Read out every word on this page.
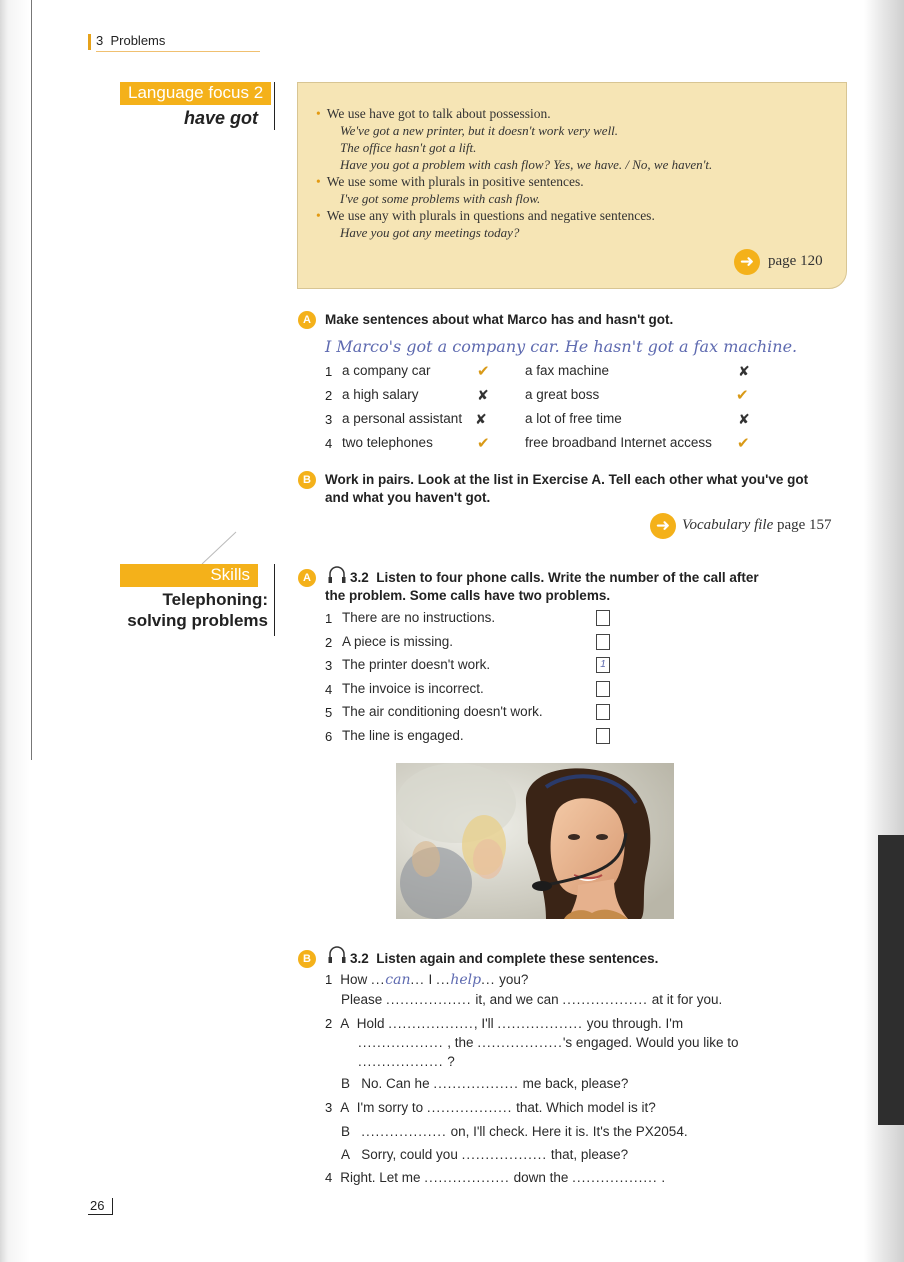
3 Problems
Language focus 2
have got	• We use have got to talk about possession.
We've got a new printer, but it doesn't work very well.
The office hasn't got a lift.
Have you got a problem with cash flow? Yes, we have. / No, we haven't.
• We use some with plurals in positive sentences.
I've got some problems with cash flow.
• We use any with plurals in questions and negative sentences.
Have you got any meetings today?
➜ page 120
A	Make sentences about what Marco has and hasn't got.
I Marco's got a company car. He hasn't got a fax machine.
1 a company car	✔	a fax machine	✘
2 a high salary	✘	a great boss	✔
3 a personal assistant ✘	a lot of free time	✘
4 two telephones	✔	free broadband Internet access ✔
B	Work in pairs. Look at the list in Exercise A. Tell each other what you've got
and what you haven't got.
➜ Vocabulary file page 157
Skills
Telephoning:
solving problems
A	3.2 Listen to four phone calls. Write the number of the call after
the problem. Some calls have two problems.
1 There are no instructions.
2 A piece is missing.
3 The printer doesn't work.	1
4 The invoice is incorrect.
5 The air conditioning doesn't work.
6 The line is engaged.
B	3.2 Listen again and complete these sentences.
1 How ...can... I ...help... you?
Please .................. it, and we can .................. at it for you.
2 A Hold .................., I'll .................. you through. I'm
.................. , the ..................'s engaged. Would you like to
.................. ?
B No. Can he .................. me back, please?
3 A I'm sorry to .................. that. Which model is it?
B .................. on, I'll check. Here it is. It's the PX2054.
A Sorry, could you .................. that, please?
4 Right. Let me .................. down the .................. .
26
